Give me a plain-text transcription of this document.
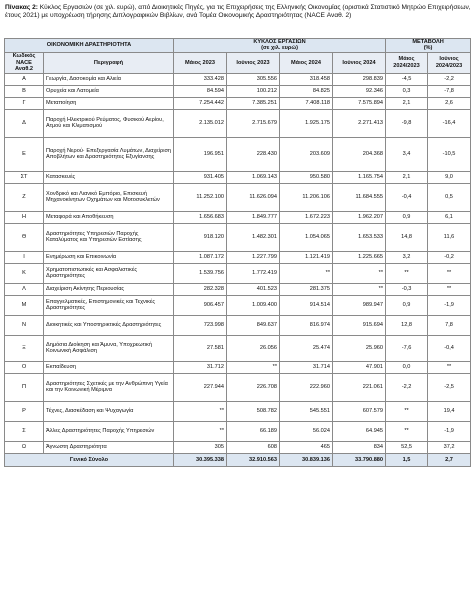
Πίνακας 2: Κύκλος Εργασιών (σε χιλ. ευρώ), από Διοικητικές Πηγές, για τις Επιχειρήσεις της Ελληνικής Οικονομίας (οριστικά Στατιστικό Μητρώο Επιχειρήσεων, έτους 2021) με υποχρέωση τήρησης Διπλογραφικών Βιβλίων, ανά Τομέα Οικονομικής Δραστηριότητας (NACE Αναθ. 2)
ΟΙΚΟΝΟΜΙΚΗ ΔΡΑΣΤΗΡΙΟΤΗΤΑ		ΚΥΚΛΟΣ ΕΡΓΑΣΙΩΝ
(σε χιλ. ευρώ)				ΜΕΤΑΒΟΛΗ
(%)	
Κωδικός NACE Αναθ.2	Περιγραφή	Μάιος 2023	Ιούνιος 2023	Μάιος 2024	Ιούνιος 2024	Μάιος 2024/2023	Ιούνιος 2024/2023
A	Γεωργία, Δασοκομία και Αλιεία	333.428	305.556	318.458	298.839	-4,5	-2,2
B	Ορυχεία και Λατομεία	84.594	100.212	84.825	92.346	0,3	-7,8
Γ	Μεταποίηση	7.254.442	7.385.251	7.408.118	7.575.894	2,1	2,6
Δ	Παροχή Ηλεκτρικού Ρεύματος, Φυσικού Αερίου, Ατμού και Κλιματισμού	2.135.012	2.715.679	1.925.175	2.271.413	-9,8	-16,4
E	Παροχή Νερού· Επεξεργασία Λυμάτων, Διαχείριση Αποβλήτων και Δραστηριότητες Εξυγίανσης	196.951	228.430	203.609	204.368	3,4	-10,5
ΣΤ	Κατασκευές	931.405	1.069.143	950.580	1.165.754	2,1	9,0
Z	Χονδρικό και Λιανικό Εμπόριο, Επισκευή Μηχανοκίνητων Οχημάτων και Μοτοσυκλετών	11.252.100	11.626.094	11.206.106	11.684.555	-0,4	0,5
H	Μεταφορά και Αποθήκευση	1.656.683	1.849.777	1.672.223	1.962.207	0,9	6,1
Θ	Δραστηριότητες Υπηρεσιών Παροχής Καταλύματος και Υπηρεσιών Εστίασης	918.120	1.482.301	1.054.065	1.653.533	14,8	11,6
I	Ενημέρωση και Επικοινωνία	1.087.172	1.227.799	1.121.419	1.225.665	3,2	-0,2
K	Χρηματοπιστωτικές και Ασφαλιστικές Δραστηριότητες	1.539.756	1.772.419	**	**	**	**
Λ	Διαχείριση Ακίνητης Περιουσίας	282.328	401.523	281.375	**	-0,3	**
M	Επαγγελματικές, Επιστημονικές και Τεχνικές Δραστηριότητες	906.457	1.009.400	914.514	989.947	0,9	-1,9
N	Διοικητικές και Υποστηρικτικές Δραστηριότητες	723.998	849.637	816.974	915.694	12,8	7,8
Ξ	Δημόσια Διοίκηση και Άμυνα, Υποχρεωτική Κοινωνική Ασφάλιση	27.581	26.056	25.474	25.960	-7,6	-0,4
O	Εκπαίδευση	31.712	**	31.714	47.901	0,0	**
Π	Δραστηριότητες Σχετικές με την Ανθρώπινη Υγεία και την Κοινωνική Μέριμνα	227.944	226.708	222.960	221.061	-2,2	-2,5
P	Τέχνες, Διασκέδαση και Ψυχαγωγία	**	508.782	545.551	607.579	**	19,4
Σ	Άλλες Δραστηριότητες Παροχής Υπηρεσιών	**	66.189	56.024	64.945	**	-1,9
Ω	Άγνωστη Δραστηριότητα	305	608	465	834	52,5	37,2
Γενικό Σύνολο		30.395.338	32.910.563	30.839.136	33.790.880	1,5	2,7
